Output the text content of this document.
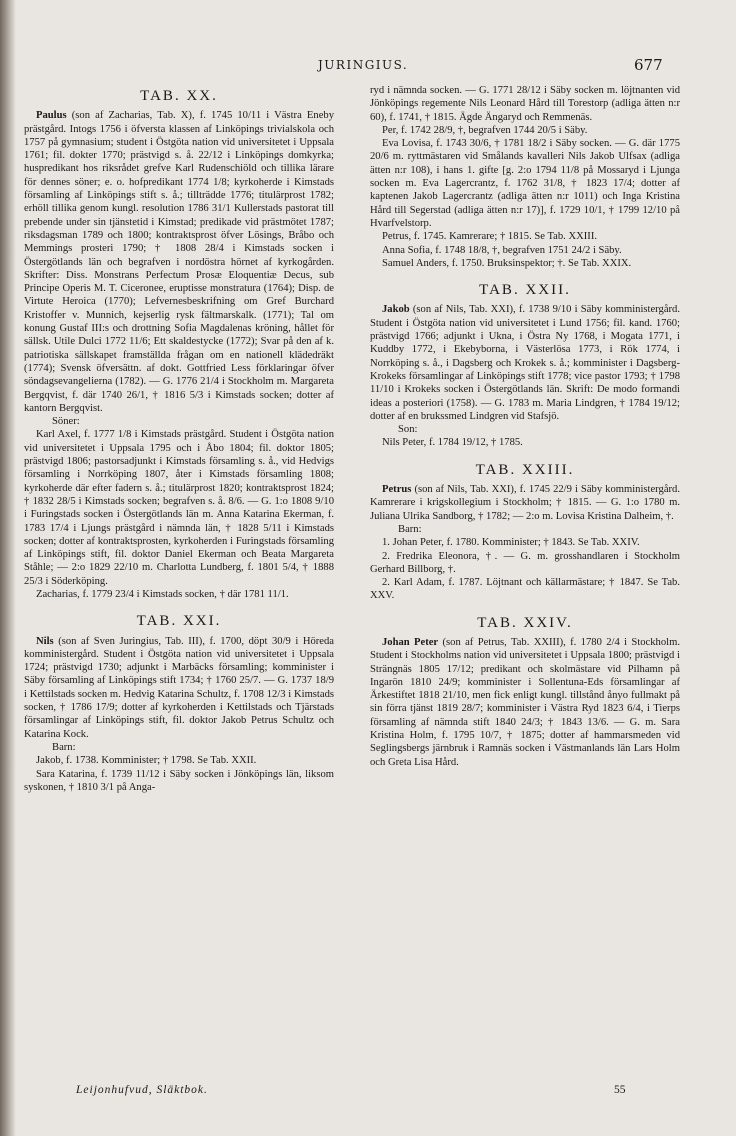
JURINGIUS.	677
TAB. XX.

Paulus (son af Zacharias, Tab. X), f. 1745 10/11 i Västra Eneby prästgård. Intogs 1756 i öfversta klassen af Linköpings trivialskola och 1757 på gymnasium; student i Östgöta nation vid universitetet i Uppsala 1761; fil. dokter 1770; prästvigd s. å. 22/12 i Linköpings domkyrka; huspredikant hos riksrådet grefve Karl Rudenschiöld och tillika lärare för dennes söner; e. o. hofpredikant 1774 1/8; kyrkoherde i Kimstads församling af Linköpings stift s. å.; tillträdde 1776; titulärprost 1782; erhöll tillika genom kungl. resolution 1786 31/1 Kullerstads pastorat till prebende under sin tjänstetid i Kimstad; predikade vid prästmötet 1787; riksdagsman 1789 och 1800; kontraktsprost öfver Lösings, Bråbo och Memmings prosteri 1790; † 1808 28/4 i Kimstads socken i Östergötlands län och begrafven i nordöstra hörnet af kyrkogården. Skrifter: Diss. Monstrans Perfectum Prosæ Eloquentiæ Decus, sub Principe Operis M. T. Ciceronee, eruptisse monstratura (1764); Disp. de Virtute Heroica (1770); Lefvernesbeskrifning om Gref Burchard Kristoffer v. Munnich, kejserlig rysk fältmarskalk. (1771); Tal om konung Gustaf III:s och drottning Sofia Magdalenas kröning, hållet för sällsk. Utile Dulci 1772 11/6; Ett skaldestycke (1772); Svar på den af k. patriotiska sällskapet framställda frågan om en nationell klädedräkt (1774); Svensk öfversättn. af dokt. Gottfried Less förklaringar öfver söndagsevangelierna (1782). — G. 1776 21/4 i Stockholm m. Margareta Bergqvist, f. där 1740 26/1, † 1816 5/3 i Kimstads socken; dotter af kantorn Bergqvist.

Söner:

Karl Axel, f. 1777 1/8 i Kimstads prästgård. Student i Östgöta nation vid universitetet i Uppsala 1795 och i Åbo 1804; fil. doktor 1805; prästvigd 1806; pastorsadjunkt i Kimstads församling s. å., vid Hedvigs församling i Norrköping 1807, åter i Kimstads församling 1808; kyrkoherde där efter fadern s. å.; titulärprost 1820; kontraktsprost 1824; † 1832 28/5 i Kimstads socken; begrafven s. å. 8/6. — G. 1:o 1808 9/10 i Furingstads socken i Östergötlands län m. Anna Katarina Ekerman, f. 1783 17/4 i Ljungs prästgård i nämnda län, † 1828 5/11 i Kimstads socken; dotter af kontraktsprosten, kyrkoherden i Furingstads församling af Linköpings stift, fil. doktor Daniel Ekerman och Beata Margareta Ståhle; — 2:o 1829 22/10 m. Charlotta Lundberg, f. 1801 5/4, † 1888 25/3 i Söderköping.

Zacharias, f. 1779 23/4 i Kimstads socken, † där 1781 11/1.

TAB. XXI.

Nils (son af Sven Juringius, Tab. III), f. 1700, döpt 30/9 i Höreda komministergård. Student i Östgöta nation vid universitetet i Uppsala 1724; prästvigd 1730; adjunkt i Marbäcks församling; komminister i Säby församling af Linköpings stift 1734; † 1760 25/7. — G. 1737 18/9 i Kettilstads socken m. Hedvig Katarina Schultz, f. 1708 12/3 i Kimstads socken, † 1786 17/9; dotter af kyrkoherden i Kettilstads och Tjärstads församlingar af Linköpings stift, fil. doktor Jakob Petrus Schultz och Katarina Kock.

Barn:

Jakob, f. 1738. Komminister; † 1798. Se Tab. XXII.

Sara Katarina, f. 1739 11/12 i Säby socken i Jönköpings län, liksom syskonen, † 1810 3/1 på Anga-

ryd i nämnda socken. — G. 1771 28/12 i Säby socken m. löjtnanten vid Jönköpings regemente Nils Leonard Hård till Torestorp (adliga ätten n:r 60), f. 1741, † 1815. Ägde Ängaryd och Remmenäs.

Per, f. 1742 28/9, †, begrafven 1744 20/5 i Säby.

Eva Lovisa, f. 1743 30/6, † 1781 18/2 i Säby socken. — G. där 1775 20/6 m. ryttmästaren vid Smålands kavalleri Nils Jakob Ulfsax (adliga ätten n:r 108), i hans 1. gifte [g. 2:o 1794 11/8 på Mossaryd i Ljunga socken m. Eva Lagercrantz, f. 1762 31/8, † 1823 17/4; dotter af kaptenen Jakob Lagercrantz (adliga ätten n:r 1011) och Inga Kristina Hård till Segerstad (adliga ätten n:r 17)], f. 1729 10/1, † 1799 12/10 på Hvarfvelstorp.

Petrus, f. 1745. Kamrerare; † 1815. Se Tab. XXIII.

Anna Sofia, f. 1748 18/8, †, begrafven 1751 24/2 i Säby.

Samuel Anders, f. 1750. Bruksinspektor; †. Se Tab. XXIX.

TAB. XXII.

Jakob (son af Nils, Tab. XXI), f. 1738 9/10 i Säby komministergård. Student i Östgöta nation vid universitetet i Lund 1756; fil. kand. 1760; prästvigd 1766; adjunkt i Ukna, i Östra Ny 1768, i Mogata 1771, i Kuddby 1772, i Ekebyborna, i Västerlösa 1773, i Rök 1774, i Norrköping s. å., i Dagsberg och Krokek s. å.; komminister i Dagsberg-Krokeks församlingar af Linköpings stift 1778; vice pastor 1793; † 1798 11/10 i Krokeks socken i Östergötlands län. Skrift: De modo formandi ideas a posteriori (1758). — G. 1783 m. Maria Lindgren, † 1784 19/12; dotter af en brukssmed Lindgren vid Stafsjö.

Son:

Nils Peter, f. 1784 19/12, † 1785.

TAB. XXIII.

Petrus (son af Nils, Tab. XXI), f. 1745 22/9 i Säby komministergård. Kamrerare i krigskollegium i Stockholm; † 1815. — G. 1:o 1780 m. Juliana Ulrika Sandborg, † 1782; — 2:o m. Lovisa Kristina Dalheim, †.

Barn:

1. Johan Peter, f. 1780. Komminister; † 1843. Se Tab. XXIV.

2. Fredrika Eleonora, †. — G. m. grosshandlaren i Stockholm Gerhard Billborg, †.

2. Karl Adam, f. 1787. Löjtnant och källarmästare; † 1847. Se Tab. XXV.

TAB. XXIV.

Johan Peter (son af Petrus, Tab. XXIII), f. 1780 2/4 i Stockholm. Student i Stockholms nation vid universitetet i Uppsala 1800; prästvigd i Strängnäs 1805 17/12; predikant och skolmästare vid Pilhamn på Ingarön 1810 24/9; komminister i Sollentuna-Eds församlingar af Ärkestiftet 1818 21/10, men fick enligt kungl. tillstånd ånyo fullmakt på sin förra tjänst 1819 28/7; komminister i Västra Ryd 1823 6/4, i Tierps församling af nämnda stift 1840 24/3; † 1843 13/6. — G. m. Sara Kristina Holm, f. 1795 10/7, † 1875; dotter af hammarsmeden vid Seglingsbergs järnbruk i Ramnäs socken i Västmanlands län Lars Holm och Greta Lisa Hård.

Leijonhufvud, Släktbok.	55
